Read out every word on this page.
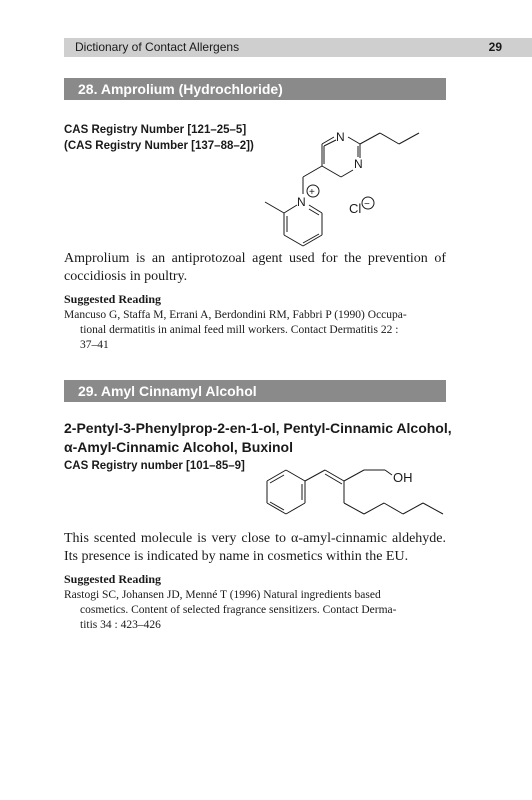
Dictionary of Contact Allergens	29
28. Amprolium (Hydrochloride)
CAS Registry Number [121–25–5]
(CAS Registry Number [137–88–2])
N
N
N
+
Cl −
OH
Amprolium is an antiprotozoal agent used for the prevention of coccidiosis in poultry.
Suggested Reading
Mancuso G, Staffa M, Errani A, Berdondini RM, Fabbri P (1990) Occupa-
tional dermatitis in animal feed mill workers. Contact Dermatitis 22 :
37–41
29. Amyl Cinnamyl Alcohol
2-Pentyl-3-Phenylprop-2-en-1-ol, Pentyl-Cinnamic Alcohol,
α-Amyl-Cinnamic Alcohol, Buxinol
CAS Registry number [101–85–9]
This scented molecule is very close to α-amyl-cinnamic aldehyde. Its presence is indicated by name in cosmetics within the EU.
Suggested Reading
Rastogi SC, Johansen JD, Menné T (1996) Natural ingredients based
cosmetics. Content of selected fragrance sensitizers. Contact Derma-
titis 34 : 423–426
